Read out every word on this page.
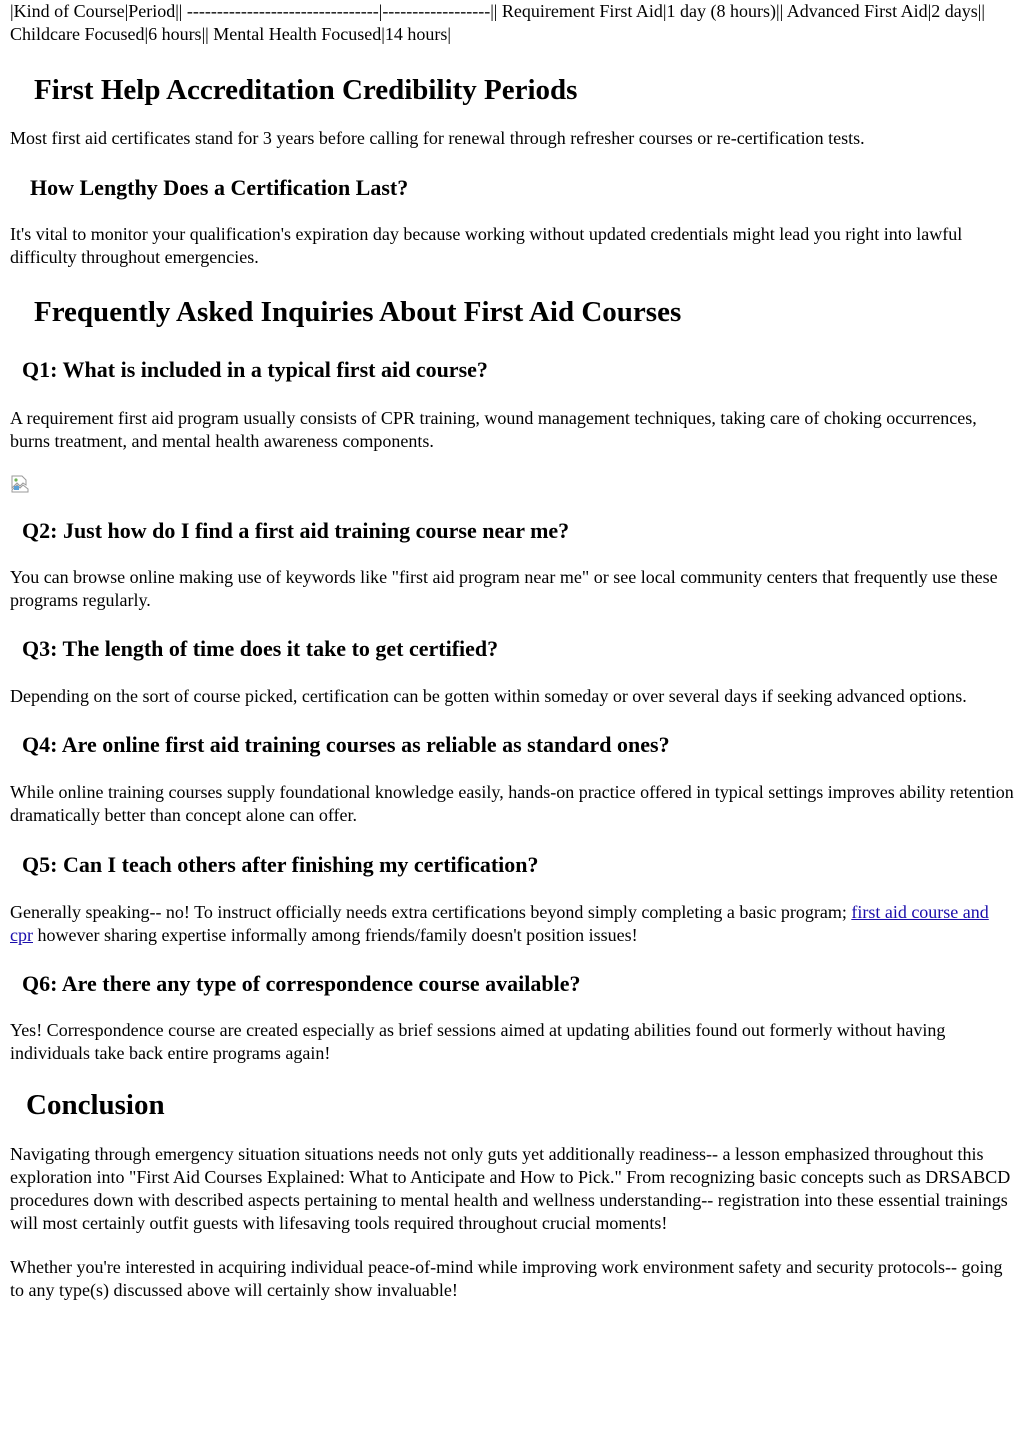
|Kind of Course|Period|| --------------------------------|------------------|| Requirement First Aid|1 day (8 hours)|| Advanced First Aid|2 days|| Childcare Focused|6 hours|| Mental Health Focused|14 hours|

First Help Accreditation Credibility Periods

Most first aid certificates stand for 3 years before calling for renewal through refresher courses or re-certification tests.

How Lengthy Does a Certification Last?

It's vital to monitor your qualification's expiration day because working without updated credentials might lead you right into lawful difficulty throughout emergencies.

Frequently Asked Inquiries About First Aid Courses
Q1: What is included in a typical first aid course?

A requirement first aid program usually consists of CPR training, wound management techniques, taking care of choking occurrences, burns treatment, and mental health awareness components.

Q2: Just how do I find a first aid training course near me?

You can browse online making use of keywords like "first aid program near me" or see local community centers that frequently use these programs regularly.

Q3: The length of time does it take to get certified?

Depending on the sort of course picked, certification can be gotten within someday or over several days if seeking advanced options.

Q4: Are online first aid training courses as reliable as standard ones?

While online training courses supply foundational knowledge easily, hands-on practice offered in typical settings improves ability retention dramatically better than concept alone can offer.

Q5: Can I teach others after finishing my certification?

Generally speaking-- no! To instruct officially needs extra certifications beyond simply completing a basic program; first aid course and cpr however sharing expertise informally among friends/family doesn't position issues!

Q6: Are there any type of correspondence course available?

Yes! Correspondence course are created especially as brief sessions aimed at updating abilities found out formerly without having individuals take back entire programs again!

Conclusion

Navigating through emergency situation situations needs not only guts yet additionally readiness-- a lesson emphasized throughout this exploration into "First Aid Courses Explained: What to Anticipate and How to Pick." From recognizing basic concepts such as DRSABCD procedures down with described aspects pertaining to mental health and wellness understanding-- registration into these essential trainings will most certainly outfit guests with lifesaving tools required throughout crucial moments!

Whether you're interested in acquiring individual peace-of-mind while improving work environment safety and security protocols-- going to any type(s) discussed above will certainly show invaluable!
